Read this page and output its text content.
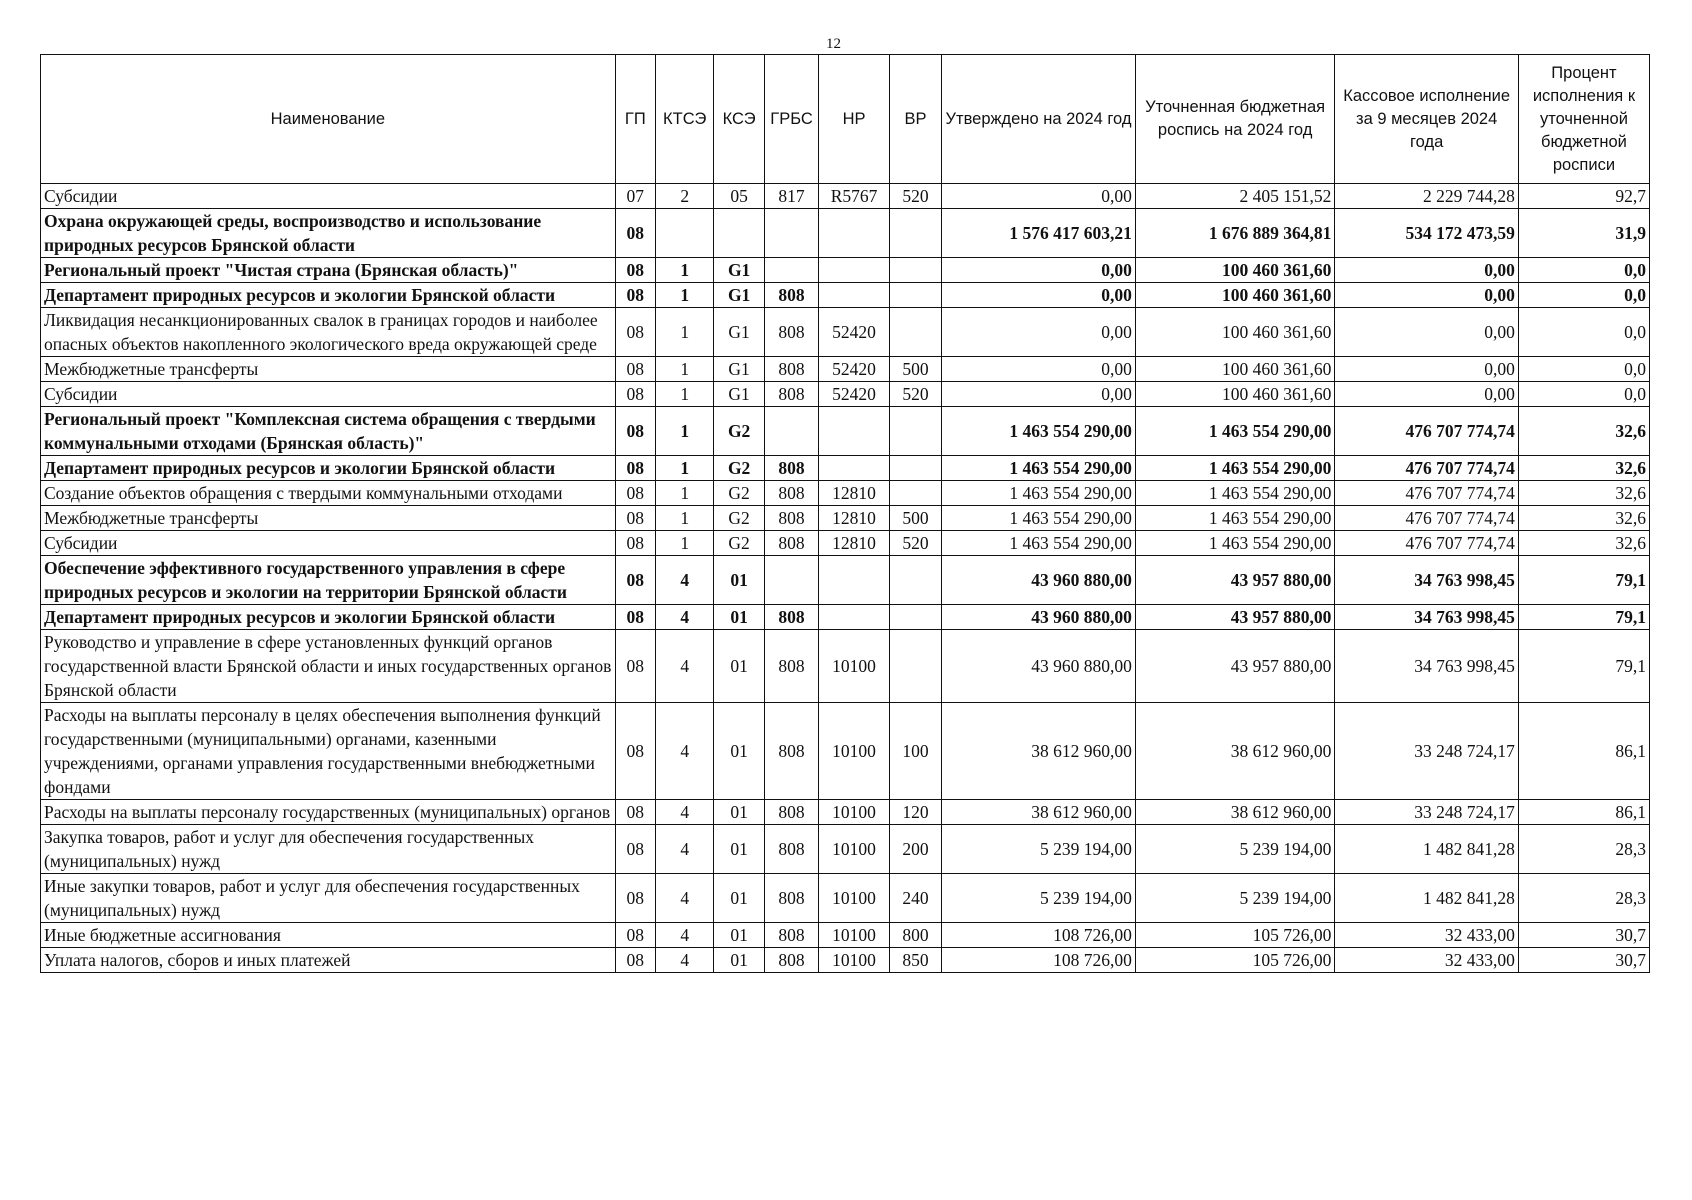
12
Наименование	ГП	КТСЭ	КСЭ	ГРБС	НР	ВР	Утверждено на 2024 год	Уточненная бюджетная роспись на 2024 год	Кассовое исполнение за 9 месяцев 2024 года	Процент исполнения к уточненной бюджетной росписи
Субсидии	07	2	05	817	R5767	520	0,00	2 405 151,52	2 229 744,28	92,7
Охрана окружающей среды, воспроизводство и использование природных ресурсов Брянской области	08						1 576 417 603,21	1 676 889 364,81	534 172 473,59	31,9
Региональный проект "Чистая страна (Брянская область)"	08	1	G1				0,00	100 460 361,60	0,00	0,0
Департамент природных ресурсов и экологии Брянской области	08	1	G1	808			0,00	100 460 361,60	0,00	0,0
Ликвидация несанкционированных свалок в границах городов и наиболее опасных объектов накопленного экологического вреда окружающей среде	08	1	G1	808	52420		0,00	100 460 361,60	0,00	0,0
Межбюджетные трансферты	08	1	G1	808	52420	500	0,00	100 460 361,60	0,00	0,0
Субсидии	08	1	G1	808	52420	520	0,00	100 460 361,60	0,00	0,0
Региональный проект "Комплексная система обращения с твердыми коммунальными отходами (Брянская область)"	08	1	G2				1 463 554 290,00	1 463 554 290,00	476 707 774,74	32,6
Департамент природных ресурсов и экологии Брянской области	08	1	G2	808			1 463 554 290,00	1 463 554 290,00	476 707 774,74	32,6
Создание объектов обращения с твердыми коммунальными отходами	08	1	G2	808	12810		1 463 554 290,00	1 463 554 290,00	476 707 774,74	32,6
Межбюджетные трансферты	08	1	G2	808	12810	500	1 463 554 290,00	1 463 554 290,00	476 707 774,74	32,6
Субсидии	08	1	G2	808	12810	520	1 463 554 290,00	1 463 554 290,00	476 707 774,74	32,6
Обеспечение эффективного государственного управления в сфере природных ресурсов и экологии на территории Брянской области	08	4	01				43 960 880,00	43 957 880,00	34 763 998,45	79,1
Департамент природных ресурсов и экологии Брянской области	08	4	01	808			43 960 880,00	43 957 880,00	34 763 998,45	79,1
Руководство и управление в сфере установленных функций органов государственной власти Брянской области и иных государственных органов Брянской области	08	4	01	808	10100		43 960 880,00	43 957 880,00	34 763 998,45	79,1
Расходы на выплаты персоналу в целях обеспечения выполнения функций государственными (муниципальными) органами, казенными учреждениями, органами управления государственными внебюджетными фондами	08	4	01	808	10100	100	38 612 960,00	38 612 960,00	33 248 724,17	86,1
Расходы на выплаты персоналу государственных (муниципальных) органов	08	4	01	808	10100	120	38 612 960,00	38 612 960,00	33 248 724,17	86,1
Закупка товаров, работ и услуг для обеспечения государственных (муниципальных) нужд	08	4	01	808	10100	200	5 239 194,00	5 239 194,00	1 482 841,28	28,3
Иные закупки товаров, работ и услуг для обеспечения государственных (муниципальных) нужд	08	4	01	808	10100	240	5 239 194,00	5 239 194,00	1 482 841,28	28,3
Иные бюджетные ассигнования	08	4	01	808	10100	800	108 726,00	105 726,00	32 433,00	30,7
Уплата налогов, сборов и иных платежей	08	4	01	808	10100	850	108 726,00	105 726,00	32 433,00	30,7
